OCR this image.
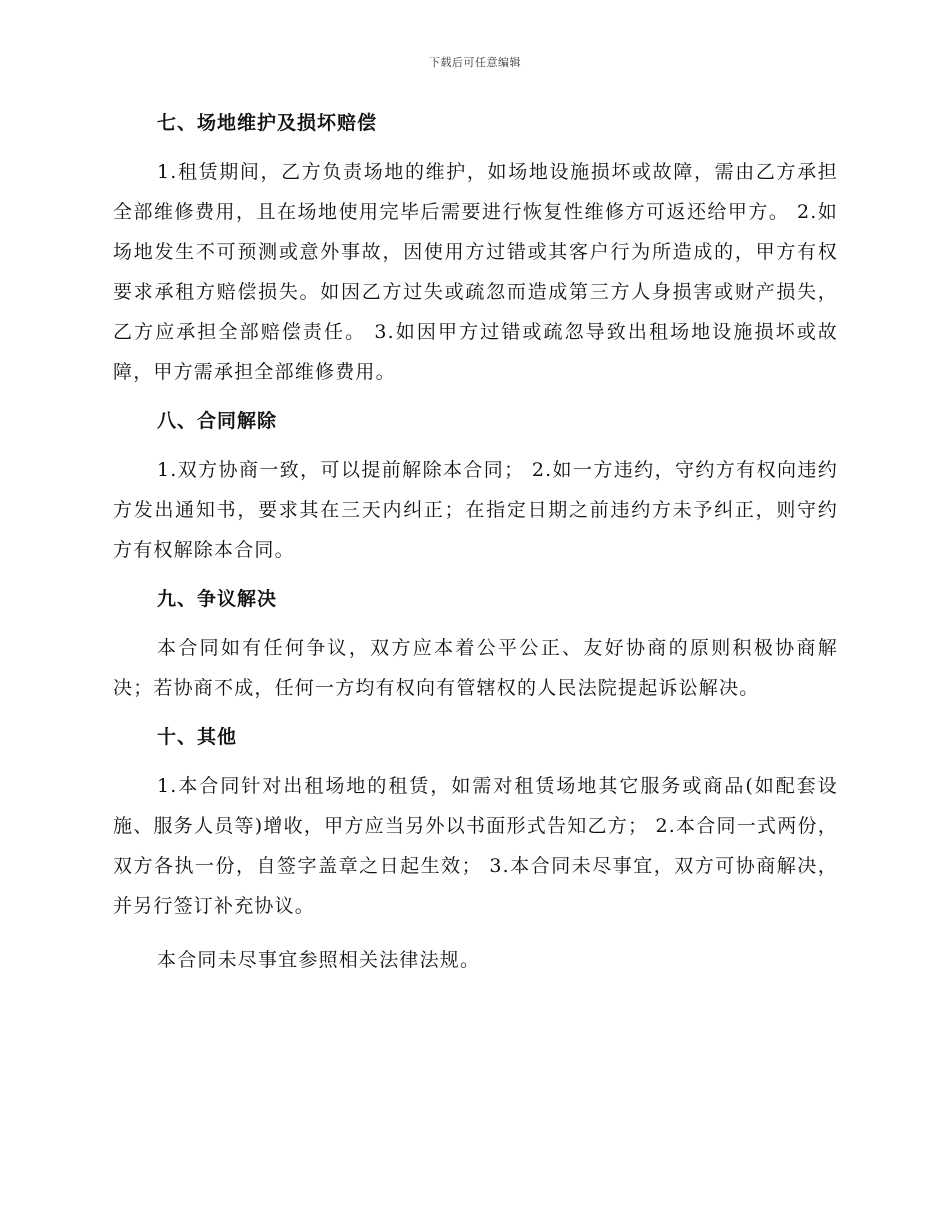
下载后可任意编辑
七、场地维护及损坏赔偿

1.租赁期间，乙方负责场地的维护，如场地设施损坏或故障，需由乙方承担全部维修费用，且在场地使用完毕后需要进行恢复性维修方可返还给甲方。 2.如场地发生不可预测或意外事故，因使用方过错或其客户行为所造成的，甲方有权要求承租方赔偿损失。如因乙方过失或疏忽而造成第三方人身损害或财产损失，乙方应承担全部赔偿责任。 3.如因甲方过错或疏忽导致出租场地设施损坏或故障，甲方需承担全部维修费用。

八、合同解除

1.双方协商一致，可以提前解除本合同； 2.如一方违约，守约方有权向违约方发出通知书，要求其在三天内纠正；在指定日期之前违约方未予纠正，则守约方有权解除本合同。

九、争议解决

本合同如有任何争议，双方应本着公平公正、友好协商的原则积极协商解决；若协商不成，任何一方均有权向有管辖权的人民法院提起诉讼解决。

十、其他

1.本合同针对出租场地的租赁，如需对租赁场地其它服务或商品(如配套设施、服务人员等)增收，甲方应当另外以书面形式告知乙方； 2.本合同一式两份，双方各执一份，自签字盖章之日起生效； 3.本合同未尽事宜，双方可协商解决，并另行签订补充协议。

本合同未尽事宜参照相关法律法规。
